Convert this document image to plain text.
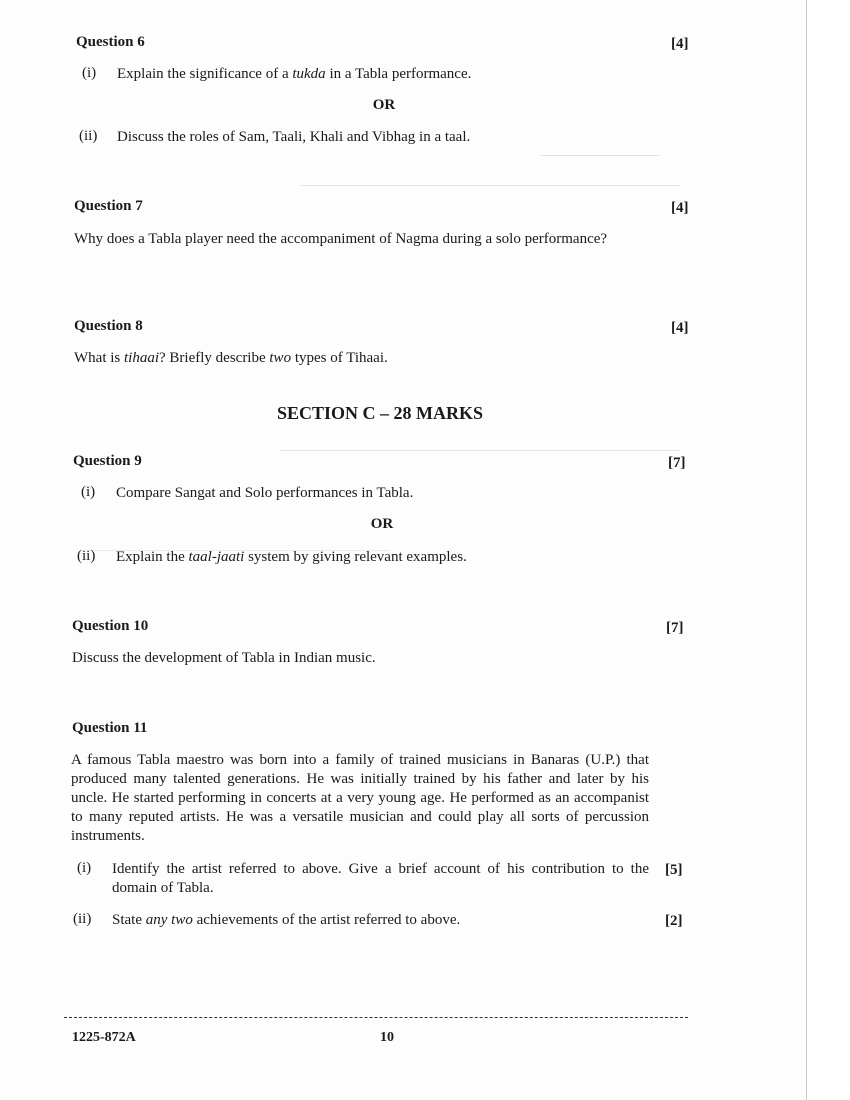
Question 6	[4]
(i) Explain the significance of a tukda in a Tabla performance.
OR
(ii) Discuss the roles of Sam, Taali, Khali and Vibhag in a taal.
Question 7	[4]
Why does a Tabla player need the accompaniment of Nagma during a solo performance?
Question 8	[4]
What is tihaai? Briefly describe two types of Tihaai.
SECTION C – 28 MARKS
Question 9	[7]
(i) Compare Sangat and Solo performances in Tabla.
OR
(ii) Explain the taal-jaati system by giving relevant examples.
Question 10	[7]
Discuss the development of Tabla in Indian music.
Question 11
A famous Tabla maestro was born into a family of trained musicians in Banaras (U.P.) that produced many talented generations. He was initially trained by his father and later by his uncle. He started performing in concerts at a very young age. He performed as an accompanist to many reputed artists. He was a versatile musician and could play all sorts of percussion instruments.
(i) Identify the artist referred to above. Give a brief account of his contribution to the domain of Tabla.
[5]
(ii) State any two achievements of the artist referred to above.	[2]
1225-872A	10
